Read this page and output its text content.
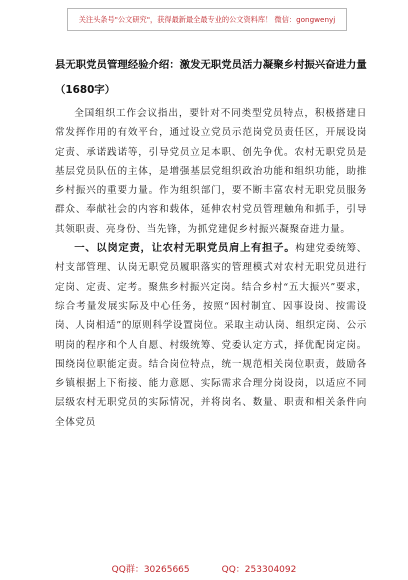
关注头条号"公文研究"，获得最新最全最专业的公文资料库！ 微信：gongwenyj
县无职党员管理经验介绍：激发无职党员活力凝聚乡村振兴奋进力量（1680字）

全国组织工作会议指出，要针对不同类型党员特点，积极搭建日常发挥作用的有效平台，通过设立党员示范岗党员责任区，开展设岗定责、承诺践诺等，引导党员立足本职、创先争优。农村无职党员是基层党员队伍的主体，是增强基层党组织政治功能和组织功能，助推乡村振兴的重要力量。作为组织部门，要不断丰富农村无职党员服务群众、奉献社会的内容和载体，延伸农村党员管理触角和抓手，引导其领职责、亮身份、当先锋，为抓党建促乡村振兴凝聚奋进力量。

一、以岗定责，让农村无职党员肩上有担子。构建党委统筹、村支部管理、认岗无职党员履职落实的管理模式对农村无职党员进行定岗、定责、定考。聚焦乡村振兴定岗。结合乡村“五大振兴”要求，综合考量发展实际及中心任务，按照“因村制宜、因事设岗、按需设岗、人岗相适”的原则科学设置岗位。采取主动认岗、组织定岗、公示明岗的程序和个人自愿、村级统筹、党委认定方式，择优配岗定岗。围绕岗位职能定责。结合岗位特点，统一规范相关岗位职责，鼓励各乡镇根据上下衔接、能力意愿、实际需求合理分岗设岗，以适应不同层级农村无职党员的实际情况，并将岗名、数量、职责和相关条件向全体党员

QQ群：30265665	QQ：253304092
